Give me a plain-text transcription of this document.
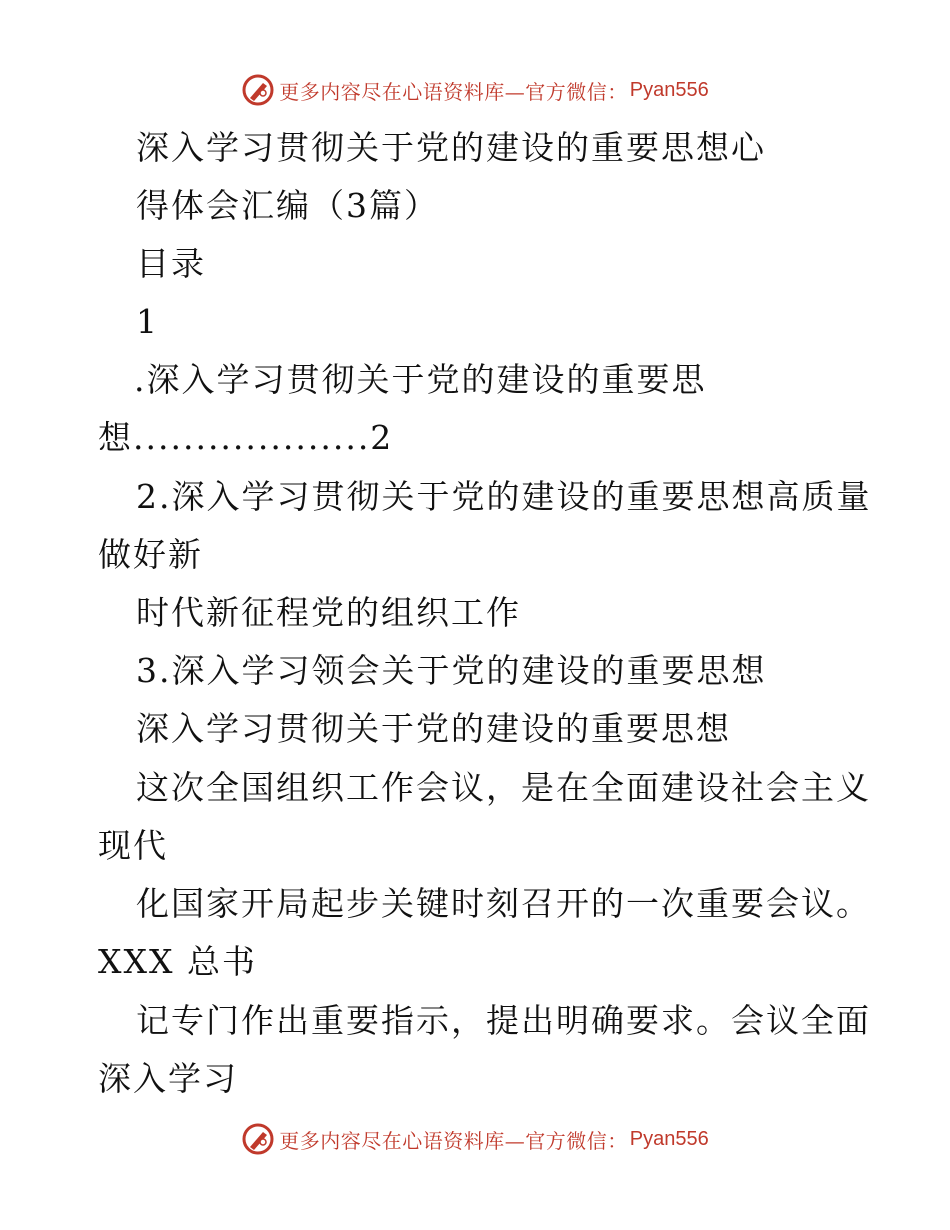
更多内容尽在心语资料库—官方微信： Pyan556
深入学习贯彻关于党的建设的重要思想心
得体会汇编（3篇）
目录
1
.深入学习贯彻关于党的建设的重要思
想...................2
2.深入学习贯彻关于党的建设的重要思想高质量
做好新
时代新征程党的组织工作
3.深入学习领会关于党的建设的重要思想
深入学习贯彻关于党的建设的重要思想
这次全国组织工作会议，是在全面建设社会主义
现代
化国家开局起步关键时刻召开的一次重要会议。
XXX 总书
记专门作出重要指示，提出明确要求。会议全面
深入学习
更多内容尽在心语资料库—官方微信： Pyan556
